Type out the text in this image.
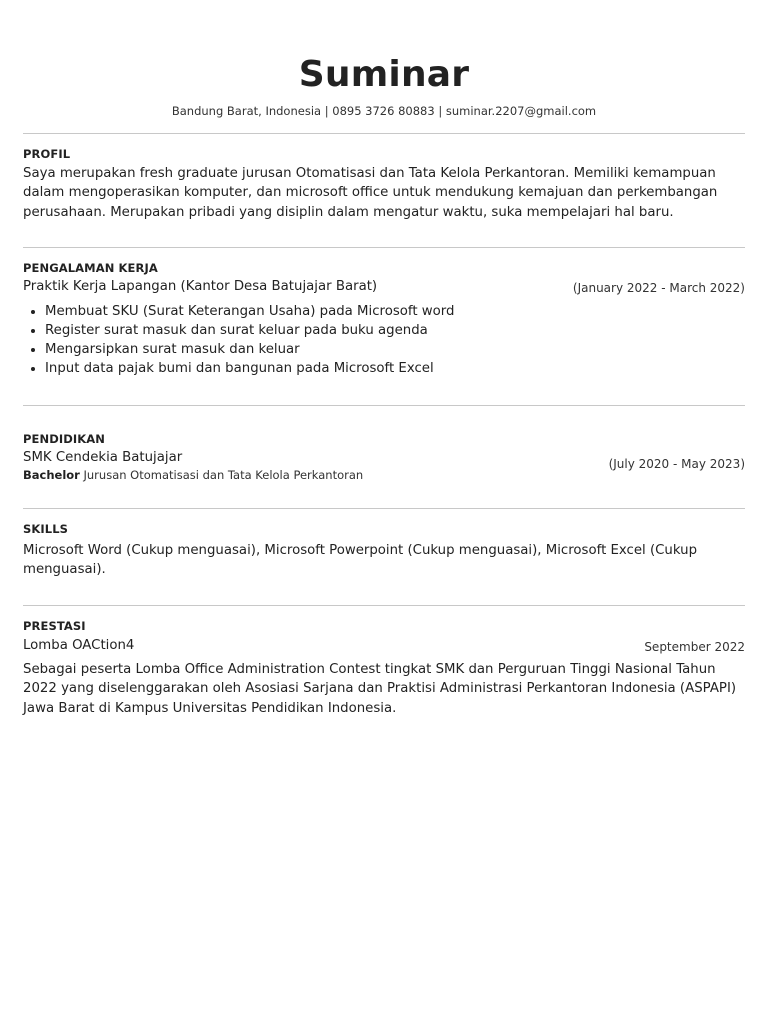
Suminar
Bandung Barat, Indonesia | 0895 3726 80883 | suminar.2207@gmail.com
PROFIL

Saya merupakan fresh graduate jurusan Otomatisasi dan Tata Kelola Perkantoran. Memiliki kemampuan dalam mengoperasikan komputer, dan microsoft office untuk mendukung kemajuan dan perkembangan perusahaan. Merupakan pribadi yang disiplin dalam mengatur waktu, suka mempelajari hal baru.

PENGALAMAN KERJA
Praktik Kerja Lapangan (Kantor Desa Batujajar Barat)	(January 2022 - March 2022)
• Membuat SKU (Surat Keterangan Usaha) pada Microsoft word
• Register surat masuk dan surat keluar pada buku agenda
• Mengarsipkan surat masuk dan keluar
• Input data pajak bumi dan bangunan pada Microsoft Excel
PENDIDIKAN
SMK Cendekia Batujajar	(July 2020 - May 2023)
Bachelor Jurusan Otomatisasi dan Tata Kelola Perkantoran
SKILLS

Microsoft Word (Cukup menguasai), Microsoft Powerpoint (Cukup menguasai), Microsoft Excel (Cukup menguasai).

PRESTASI
Lomba OACtion4	September 2022

Sebagai peserta Lomba Office Administration Contest tingkat SMK dan Perguruan Tinggi Nasional Tahun 2022 yang diselenggarakan oleh Asosiasi Sarjana dan Praktisi Administrasi Perkantoran Indonesia (ASPAPI) Jawa Barat di Kampus Universitas Pendidikan Indonesia.
